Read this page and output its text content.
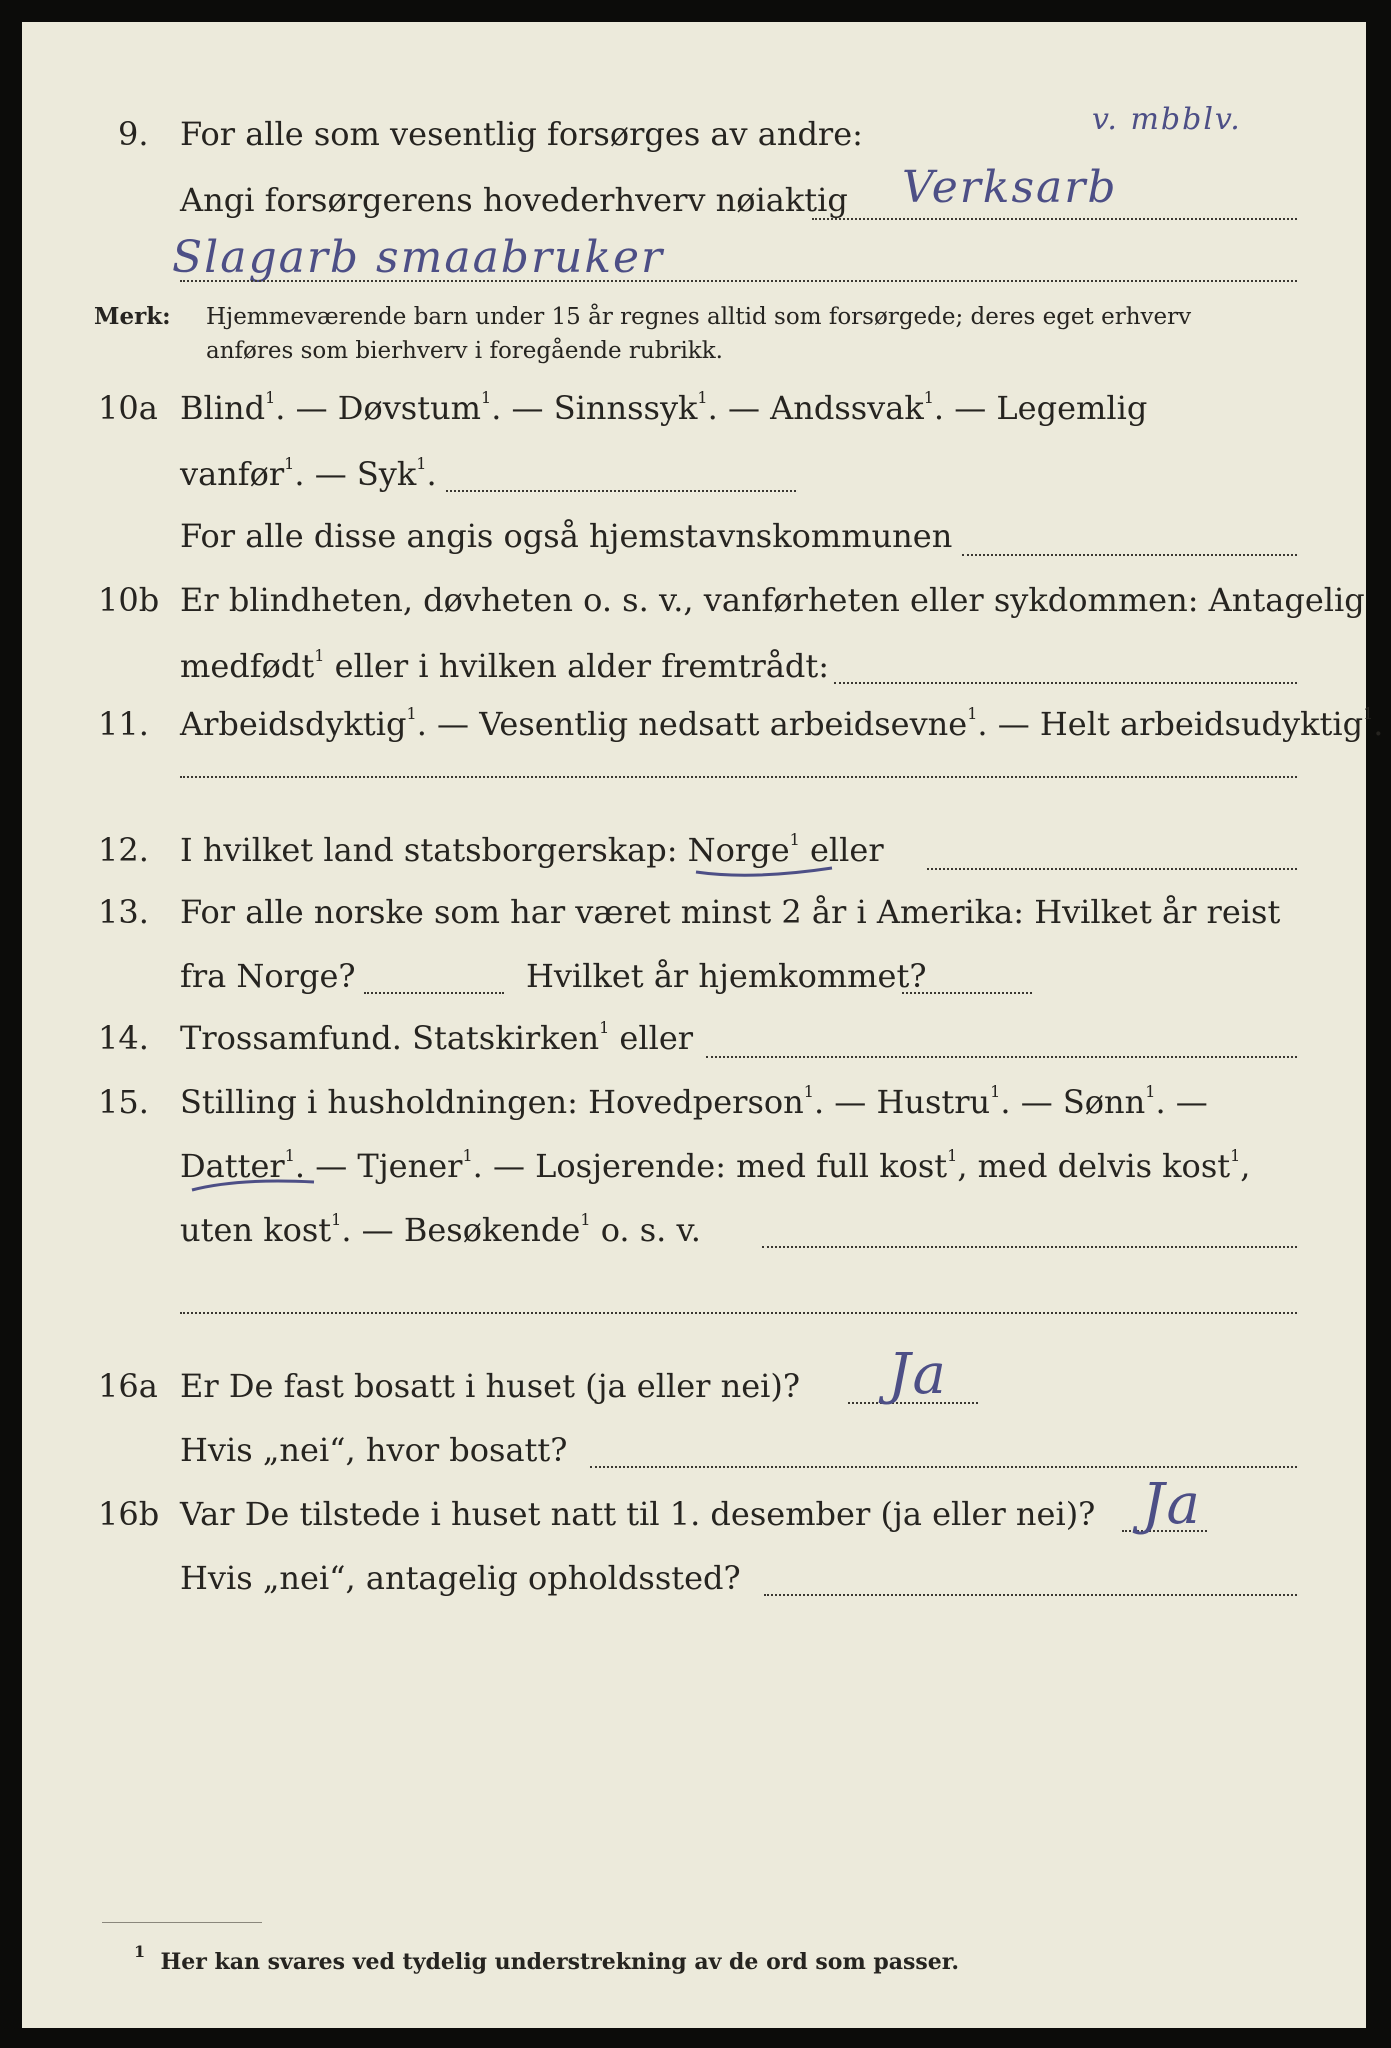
9. For alle som vesentlig forsørges av andre:	v. mbblv.
Angi forsørgerens hovederhverv nøiaktig Verksarb
Slagarb smaabruker
Merk: Hjemmeværende barn under 15 år regnes alltid som forsørgede; deres eget erhverv
anføres som bierhverv i foregående rubrikk.
10a Blind$^1$. — Døvstum$^1$. — Sinnssyk$^1$. — Andssvak$^1$. — Legemlig
vanfør$^1$. — Syk$^1$.
For alle disse angis også hjemstavnskommunen
10b Er blindheten, døvheten o. s. v., vanførheten eller sykdommen: Antagelig
medfødt$^1$ eller i hvilken alder fremtrådt:
11. Arbeidsdyktig$^1$. — Vesentlig nedsatt arbeidsevne$^1$. — Helt arbeidsudyktig$^1$.
12. I hvilket land statsborgerskap: Norge$^1$ eller
13. For alle norske som har været minst 2 år i Amerika: Hvilket år reist
fra Norge?	Hvilket år hjemkommet?
14. Trossamfund. Statskirken$^1$ eller
15. Stilling i husholdningen: Hovedperson$^1$. — Hustru$^1$. — Sønn$^1$. —
Datter$^1$. — Tjener$^1$. — Losjerende: med full kost$^1$, med delvis kost$^1$,
uten kost$^1$. — Besøkende$^1$ o. s. v.
16a Er De fast bosatt i huset (ja eller nei)? Ja
Hvis „nei“, hvor bosatt?
16b Var De tilstede i huset natt til 1. desember (ja eller nei)? Ja
Hvis „nei“, antagelig opholdssted?
$^1$ Her kan svares ved tydelig understrekning av de ord som passer.
